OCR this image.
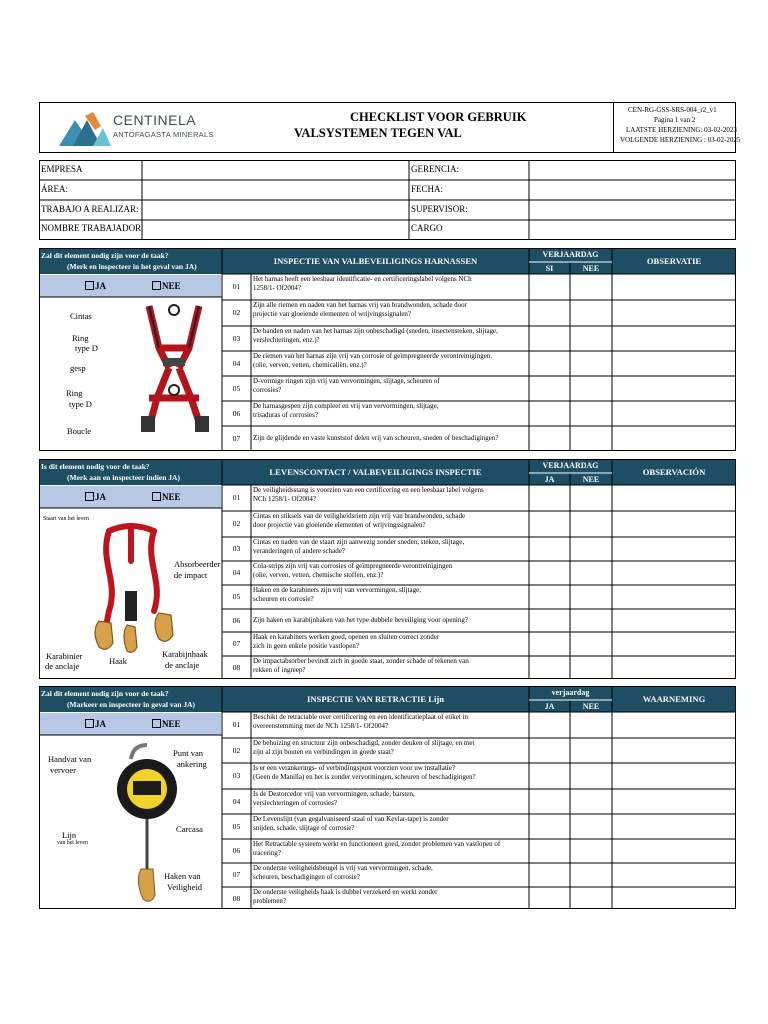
CENTINELA
ANTOFAGASTA MINERALS
CHECKLIST VOOR GEBRUIK
VALSYSTEMEN TEGEN VAL
CEN-RG-GSS-SRS-004_r2_v1
Pagina 1 van 2
LAATSTE HERZIENING: 03-02-2023
VOLGENDE HERZIENING : 03-02-2025
EMPRESA
ÁREA:
TRABAJO A REALIZAR:
NOMBRE TRABAJADOR
GERENCIA:
FECHA:
SUPERVISOR:
CARGO
Zal dit element nodig zijn voor de taak?
(Merk en inspecteer in het geval van JA)
INSPECTIE VAN VALBEVEILIGINGS HARNASSEN
VERJAARDAG
SI	NEE
OBSERVATIE
JA	NEE	01
Het harnas heeft een leesbaar identificatie- en certificeringslabel volgens NCh
1258/1- Of2004?
02
Zijn alle riemen en naden van het harnas vrij van brandwonden, schade door
projectie van gloeiende elementen of wrijvingssignalen?
03
De banden en naden van het harnas zijn onbeschadigd (sneden, insectensteken, slijtage,
verslechteringen, enz.)?
04
De riemen van het harnas zijn vrij van corrosie of geïmpregneerde verontreinigingen.
(olie, verven, vetten, chemicaliën, enz.)?
05
D-vormige ringen zijn vrij van vervormingen, slijtage, scheuren of
corrosies?
06
De harnasgespen zijn compleet en vrij van vervormingen, slijtage,
trisaduras of corrosies?
07	Zijn de glijdende en vaste kunststof delen vrij van scheuren, sneden of beschadigingen?
Cintas
Ring
type D
gesp
Ring
type D
Boucle
Is dit element nodig voor de taak?
(Merk aan en inspecteer indien JA)
LEVENSCONTACT / VALBEVEILIGINGS INSPECTIE
VERJAARDAG
JA	NEE
OBSERVACIÓN
JA	NEE	01
De veiligheidsstang is voorzien van een certificering en een leesbaar label volgens
NCh 1258/1- Of2004?
02
Cintas en stiksels van de veiligheidsriem zijn vrij van brandwonden, schade
door projectie van gloeiende elementen of wrijvingssignalen?
03
Cintas en naden van de staart zijn aanwezig zonder sneden, steken, slijtage,
veranderingen of andere schade?
04
Cola-strips zijn vrij van corrosies of geïmpregneerde verontreinigingen
(olie, verven, vetten, chemische stoffen, enz.)?
05
Haken en de karabiners zijn vrij van vervormingen, slijtage,
scheuren en corrosie?
06	Zijn haken en karabijnhaken van het type dubbele beveiliging voor opening?
07
Haak en karabiners werken goed, openen en sluiten correct zonder
zich in geen enkele positie vastlopen?
08
De impactabsorber bevindt zich in goede staat, zonder schade of tekenen van
rekken of ingreep?
Staart van het leven
Absorbeerder
de impact
Karabinier
de anclaje	Haak
Karabijnhaak
de anclaje
Zal dit element nodig zijn voor de taak?
(Markeer en inspecteer in geval van JA)
INSPECTIE VAN RETRACTIE Lijn
verjaardag
JA	NEE
WAARNEMING
JA	NEE	01
Beschikt de retractable over certificering en een identificatieplaat of etiket in
overeenstemming met de NCh 1258/1- Of2004?
02
De behuizing en structuur zijn onbeschadigd, zonder deuken of slijtage, en met
zijn al zijn bouten en verbindingen in goede staat?
03
Is er een verankerings- of verbindingspunt voorzien voor uw installatie?
(Geen de Manilla) en het is zonder vervormingen, scheuren of beschadigingen?
04
Is de Destorcedor vrij van vervormingen, schade, barsten,
verslechteringen of corrosies?
05
De Levenslijn (van gegalvaniseerd staal of van Kevlar-tape) is zonder
snijden, schade, slijtage of corrosie?
06
Het Retractable systeem werkt en functioneert goed, zonder problemen van vastlopen of
tracering?
07
De onderste veiligheidsbeugel is vrij van vervormingen, schade,
scheuren, beschadigingen of corrosie?
08
De onderste veiligheids haak is dubbel verzekerd en werkt zonder
problemen?
Handvat van
vervoer
Punt van
ankering
Carcasa
Lijn
van het leven
Haken van
Veiligheid
